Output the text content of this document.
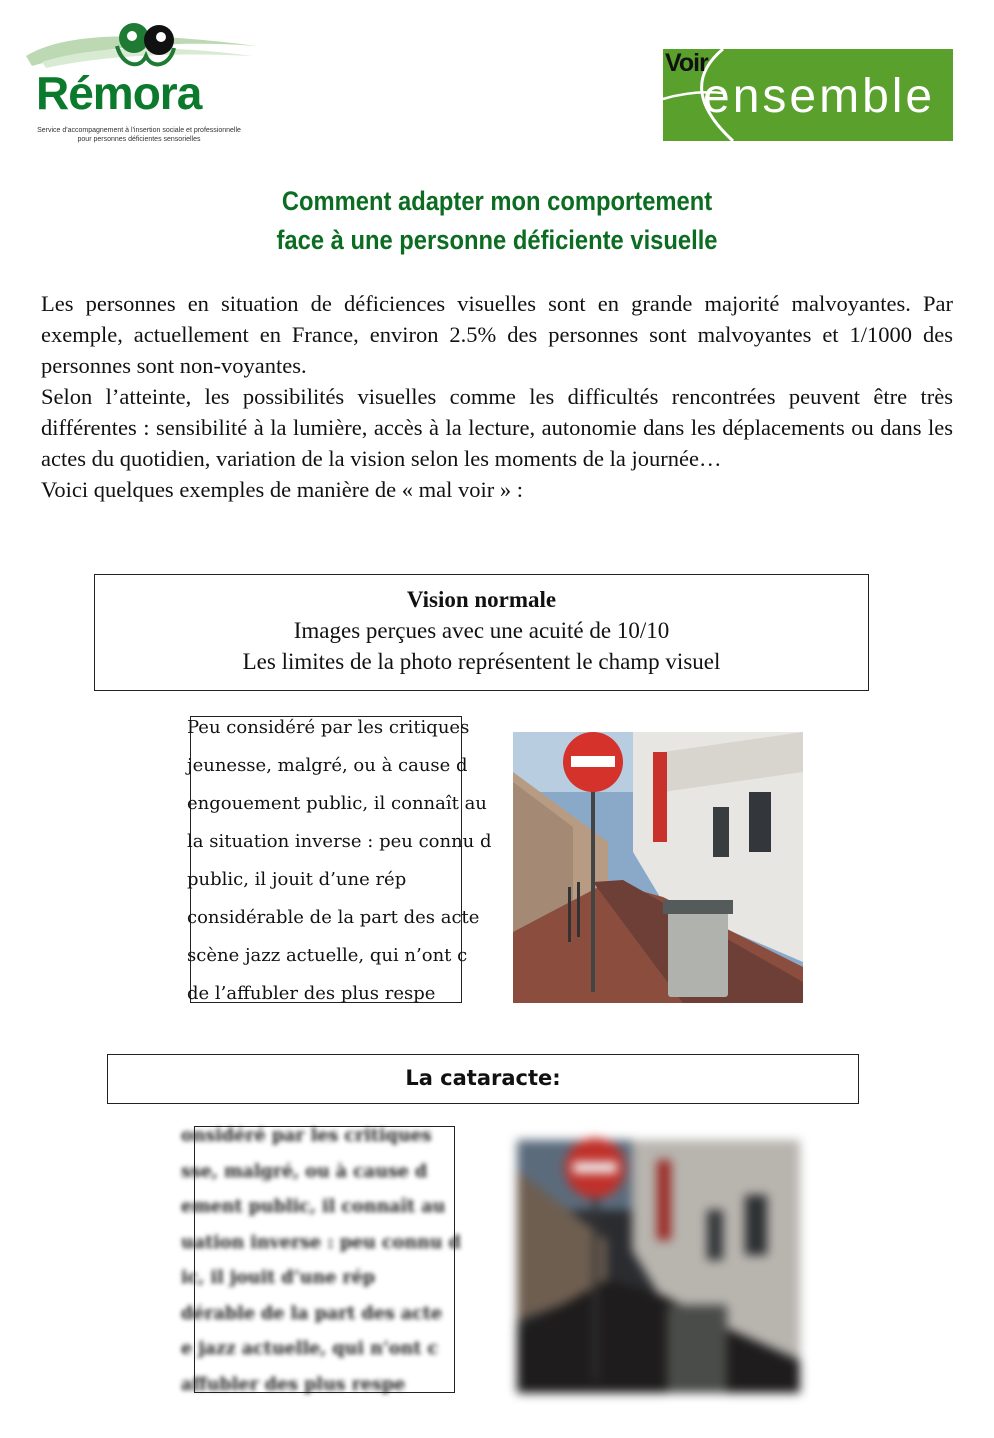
Rémora
Service d'accompagnement à l'insertion sociale et professionnelle
pour personnes déficientes sensorielles
Voir
ensemble
Comment adapter mon comportement
face à une personne déficiente visuelle

Les personnes en situation de déficiences visuelles sont en grande majorité malvoyantes. Par exemple, actuellement en France, environ 2.5% des personnes sont malvoyantes et 1/1000 des personnes sont non-voyantes.

Selon l’atteinte, les possibilités visuelles comme les difficultés rencontrées peuvent être très différentes : sensibilité à la lumière, accès à la lecture, autonomie dans les déplacements ou dans les actes du quotidien, variation de la vision selon les moments de la journée…

Voici quelques exemples de manière de « mal voir » :

Vision normale
Images perçues avec une acuité de 10/10
Les limites de la photo représentent le champ visuel
Peu considéré par les critiques
jeunesse, malgré, ou à cause d
engouement public, il connaît au
la situation inverse : peu connu d
public, il jouit d’une rép
considérable de la part des acte
scène jazz actuelle, qui n’ont c
de l’affubler des plus respe
La cataracte:
onsidéré par les critiques
sse, malgré, ou à cause d
ement public, il connaît au
uation inverse : peu connu d
ic, il jouit d’une rép
dérable de la part des acte
e jazz actuelle, qui n’ont c
affubler des plus respe
